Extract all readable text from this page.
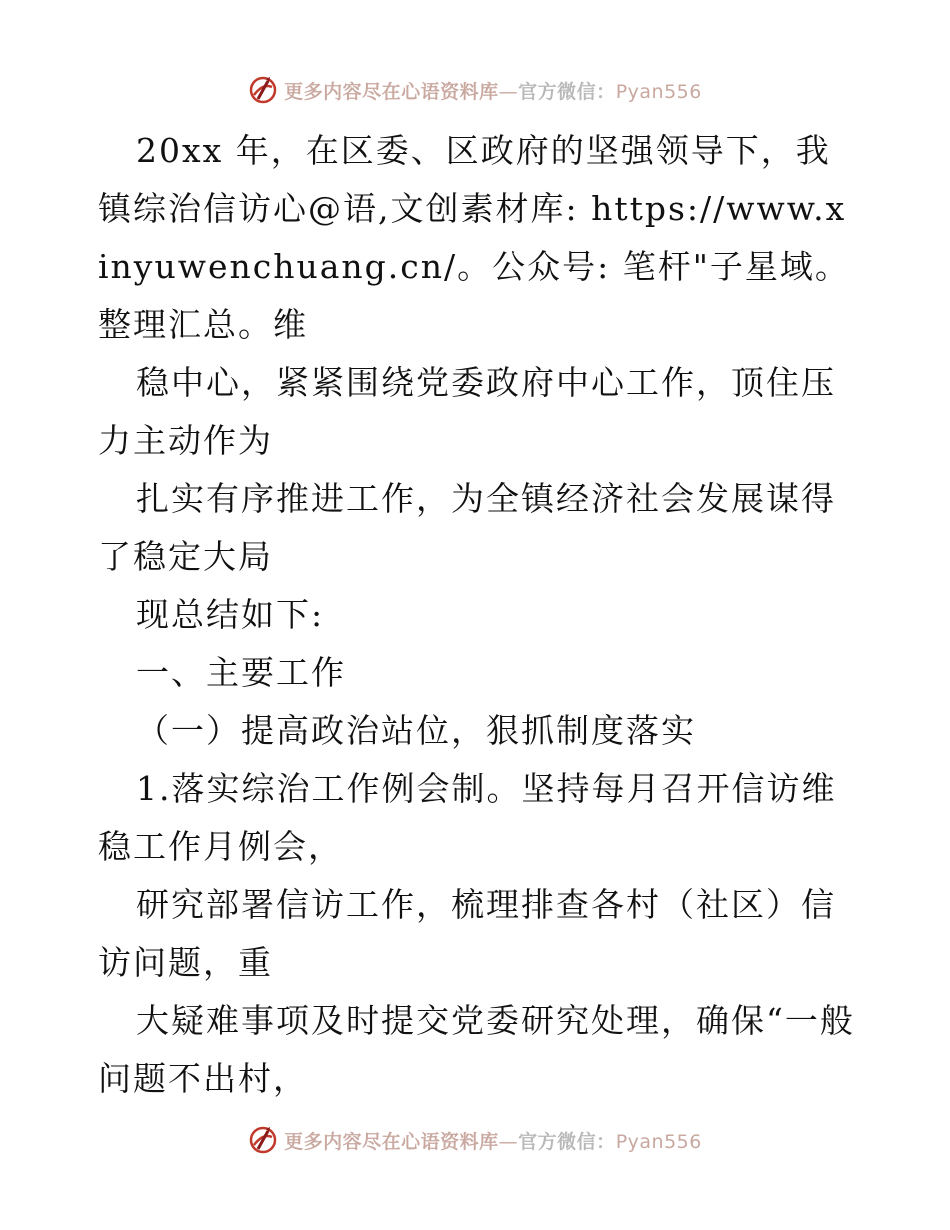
更多内容尽在心语资料库—官方微信：Pyan556

20xx 年，在区委、区政府的坚强领导下，我镇综治信访心@语,文创素材库: https://www.xinyuwenchuang.cn/。公众号: 笔杆"子星域。整理汇总。维

稳中心，紧紧围绕党委政府中心工作，顶住压力主动作为

扎实有序推进工作，为全镇经济社会发展谋得了稳定大局

现总结如下:

一、主要工作

（一）提高政治站位，狠抓制度落实

1.落实综治工作例会制。坚持每月召开信访维稳工作月例会，

研究部署信访工作，梳理排查各村（社区）信访问题，重

大疑难事项及时提交党委研究处理，确保“一般问题不出村，

更多内容尽在心语资料库—官方微信：Pyan556
